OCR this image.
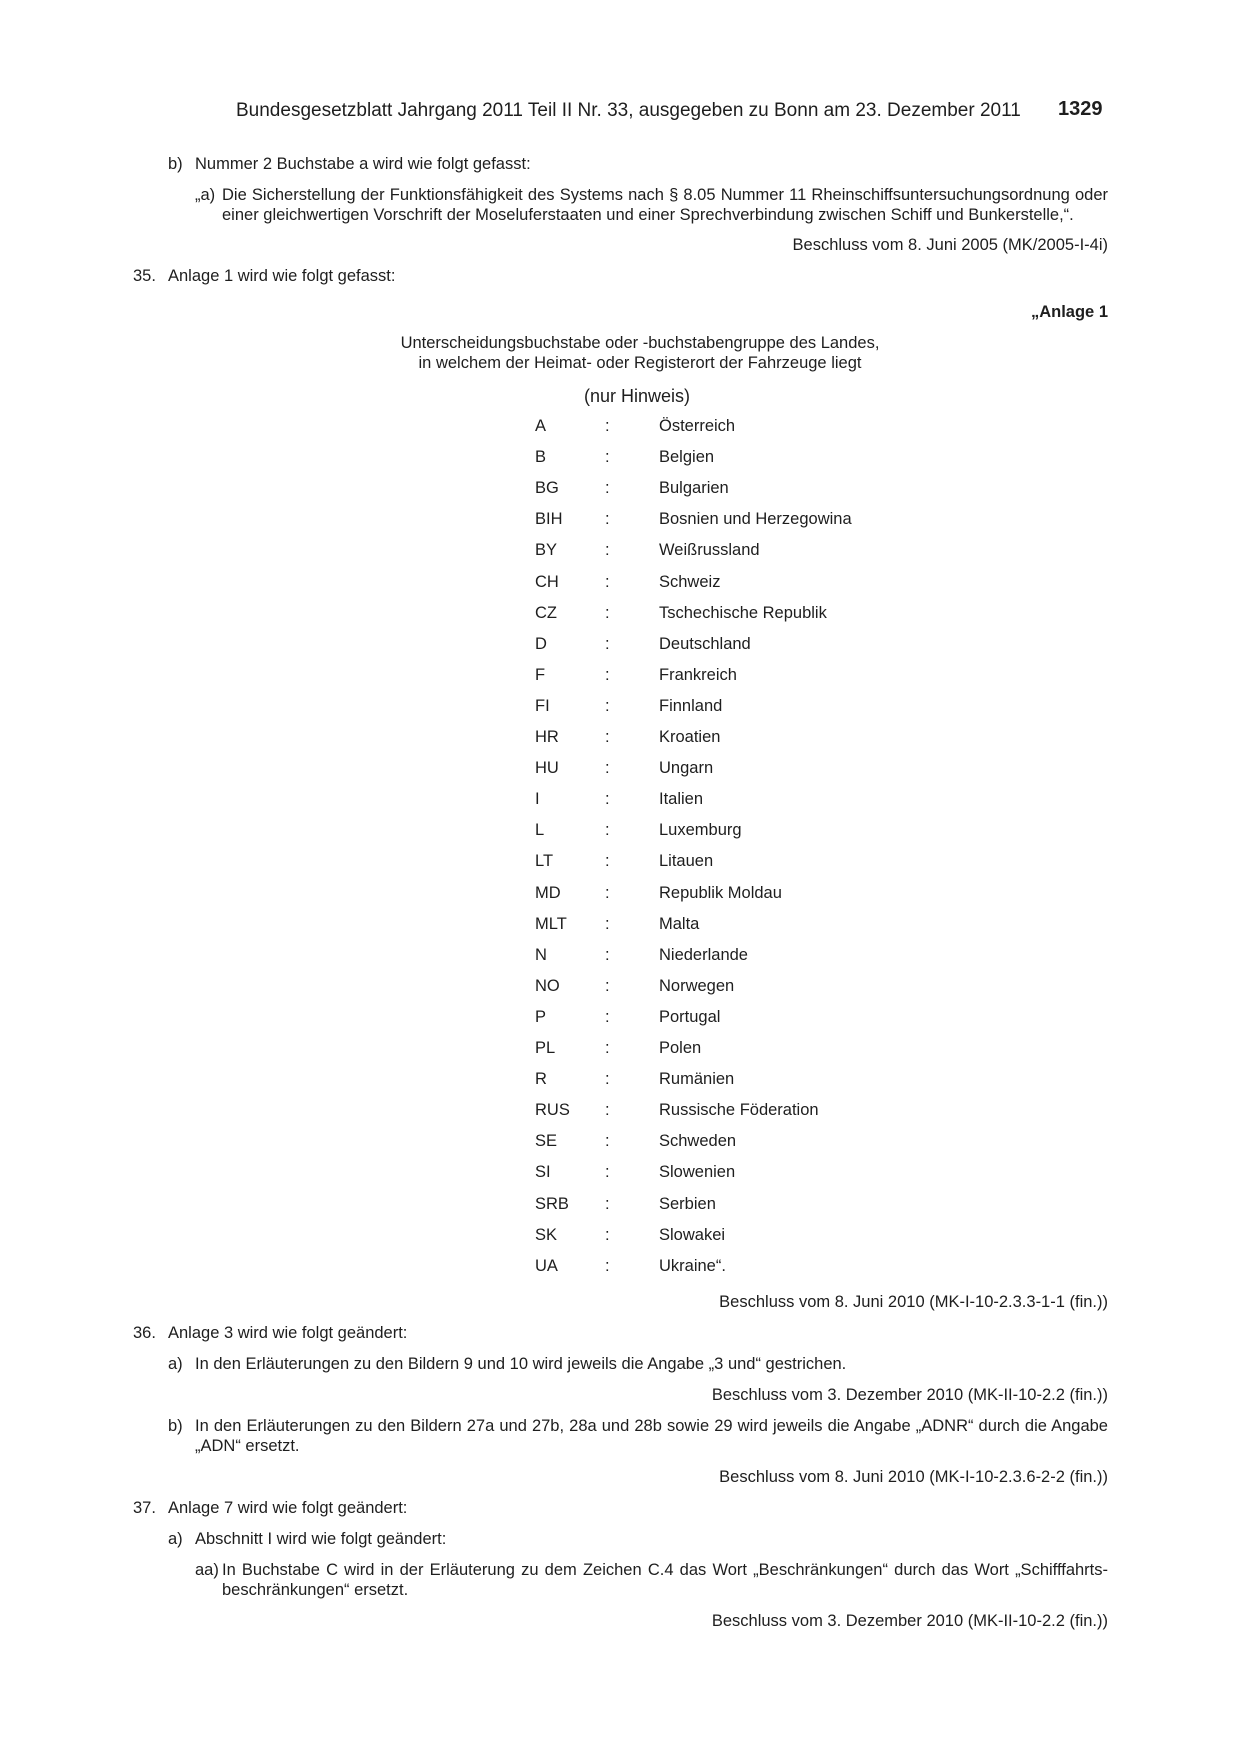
Bundesgesetzblatt Jahrgang 2011 Teil II Nr. 33, ausgegeben zu Bonn am 23. Dezember 2011 1329
b) Nummer 2 Buchstabe a wird wie folgt gefasst:
„a) Die Sicherstellung der Funktionsfähigkeit des Systems nach § 8.05 Nummer 11 Rheinschiffsuntersuchungsordnung oder einer gleichwertigen Vorschrift der Moseluferstaaten und einer Sprechverbindung zwischen Schiff und Bunkerstelle,“.
Beschluss vom 8. Juni 2005 (MK/2005-I-4i)
35. Anlage 1 wird wie folgt gefasst:
„Anlage 1
Unterscheidungsbuchstabe oder -buchstabengruppe des Landes,
in welchem der Heimat- oder Registerort der Fahrzeuge liegt
(nur Hinweis)
A	:	Österreich
B	:	Belgien
BG	:	Bulgarien
BIH	:	Bosnien und Herzegowina
BY	:	Weißrussland
CH	:	Schweiz
CZ	:	Tschechische Republik
D	:	Deutschland
F	:	Frankreich
FI	:	Finnland
HR	:	Kroatien
HU	:	Ungarn
I	:	Italien
L	:	Luxemburg
LT	:	Litauen
MD	:	Republik Moldau
MLT :	Malta
N	:	Niederlande
NO	:	Norwegen
P	:	Portugal
PL	:	Polen
R	:	Rumänien
RUS :	Russische Föderation
SE	:	Schweden
SI	:	Slowenien
SRB :	Serbien
SK	:	Slowakei
UA	:	Ukraine“.
Beschluss vom 8. Juni 2010 (MK-I-10-2.3.3-1-1 (fin.))
36. Anlage 3 wird wie folgt geändert:
a) In den Erläuterungen zu den Bildern 9 und 10 wird jeweils die Angabe „3 und“ gestrichen.
Beschluss vom 3. Dezember 2010 (MK-II-10-2.2 (fin.))
b) In den Erläuterungen zu den Bildern 27a und 27b, 28a und 28b sowie 29 wird jeweils die Angabe „ADNR“ durch die Angabe „ADN“ ersetzt.
Beschluss vom 8. Juni 2010 (MK-I-10-2.3.6-2-2 (fin.))
37. Anlage 7 wird wie folgt geändert:
a) Abschnitt I wird wie folgt geändert:
aa) In Buchstabe C wird in der Erläuterung zu dem Zeichen C.4 das Wort „Beschränkungen“ durch das Wort „Schifffahrtsbeschränkungen“ ersetzt.
Beschluss vom 3. Dezember 2010 (MK-II-10-2.2 (fin.))
